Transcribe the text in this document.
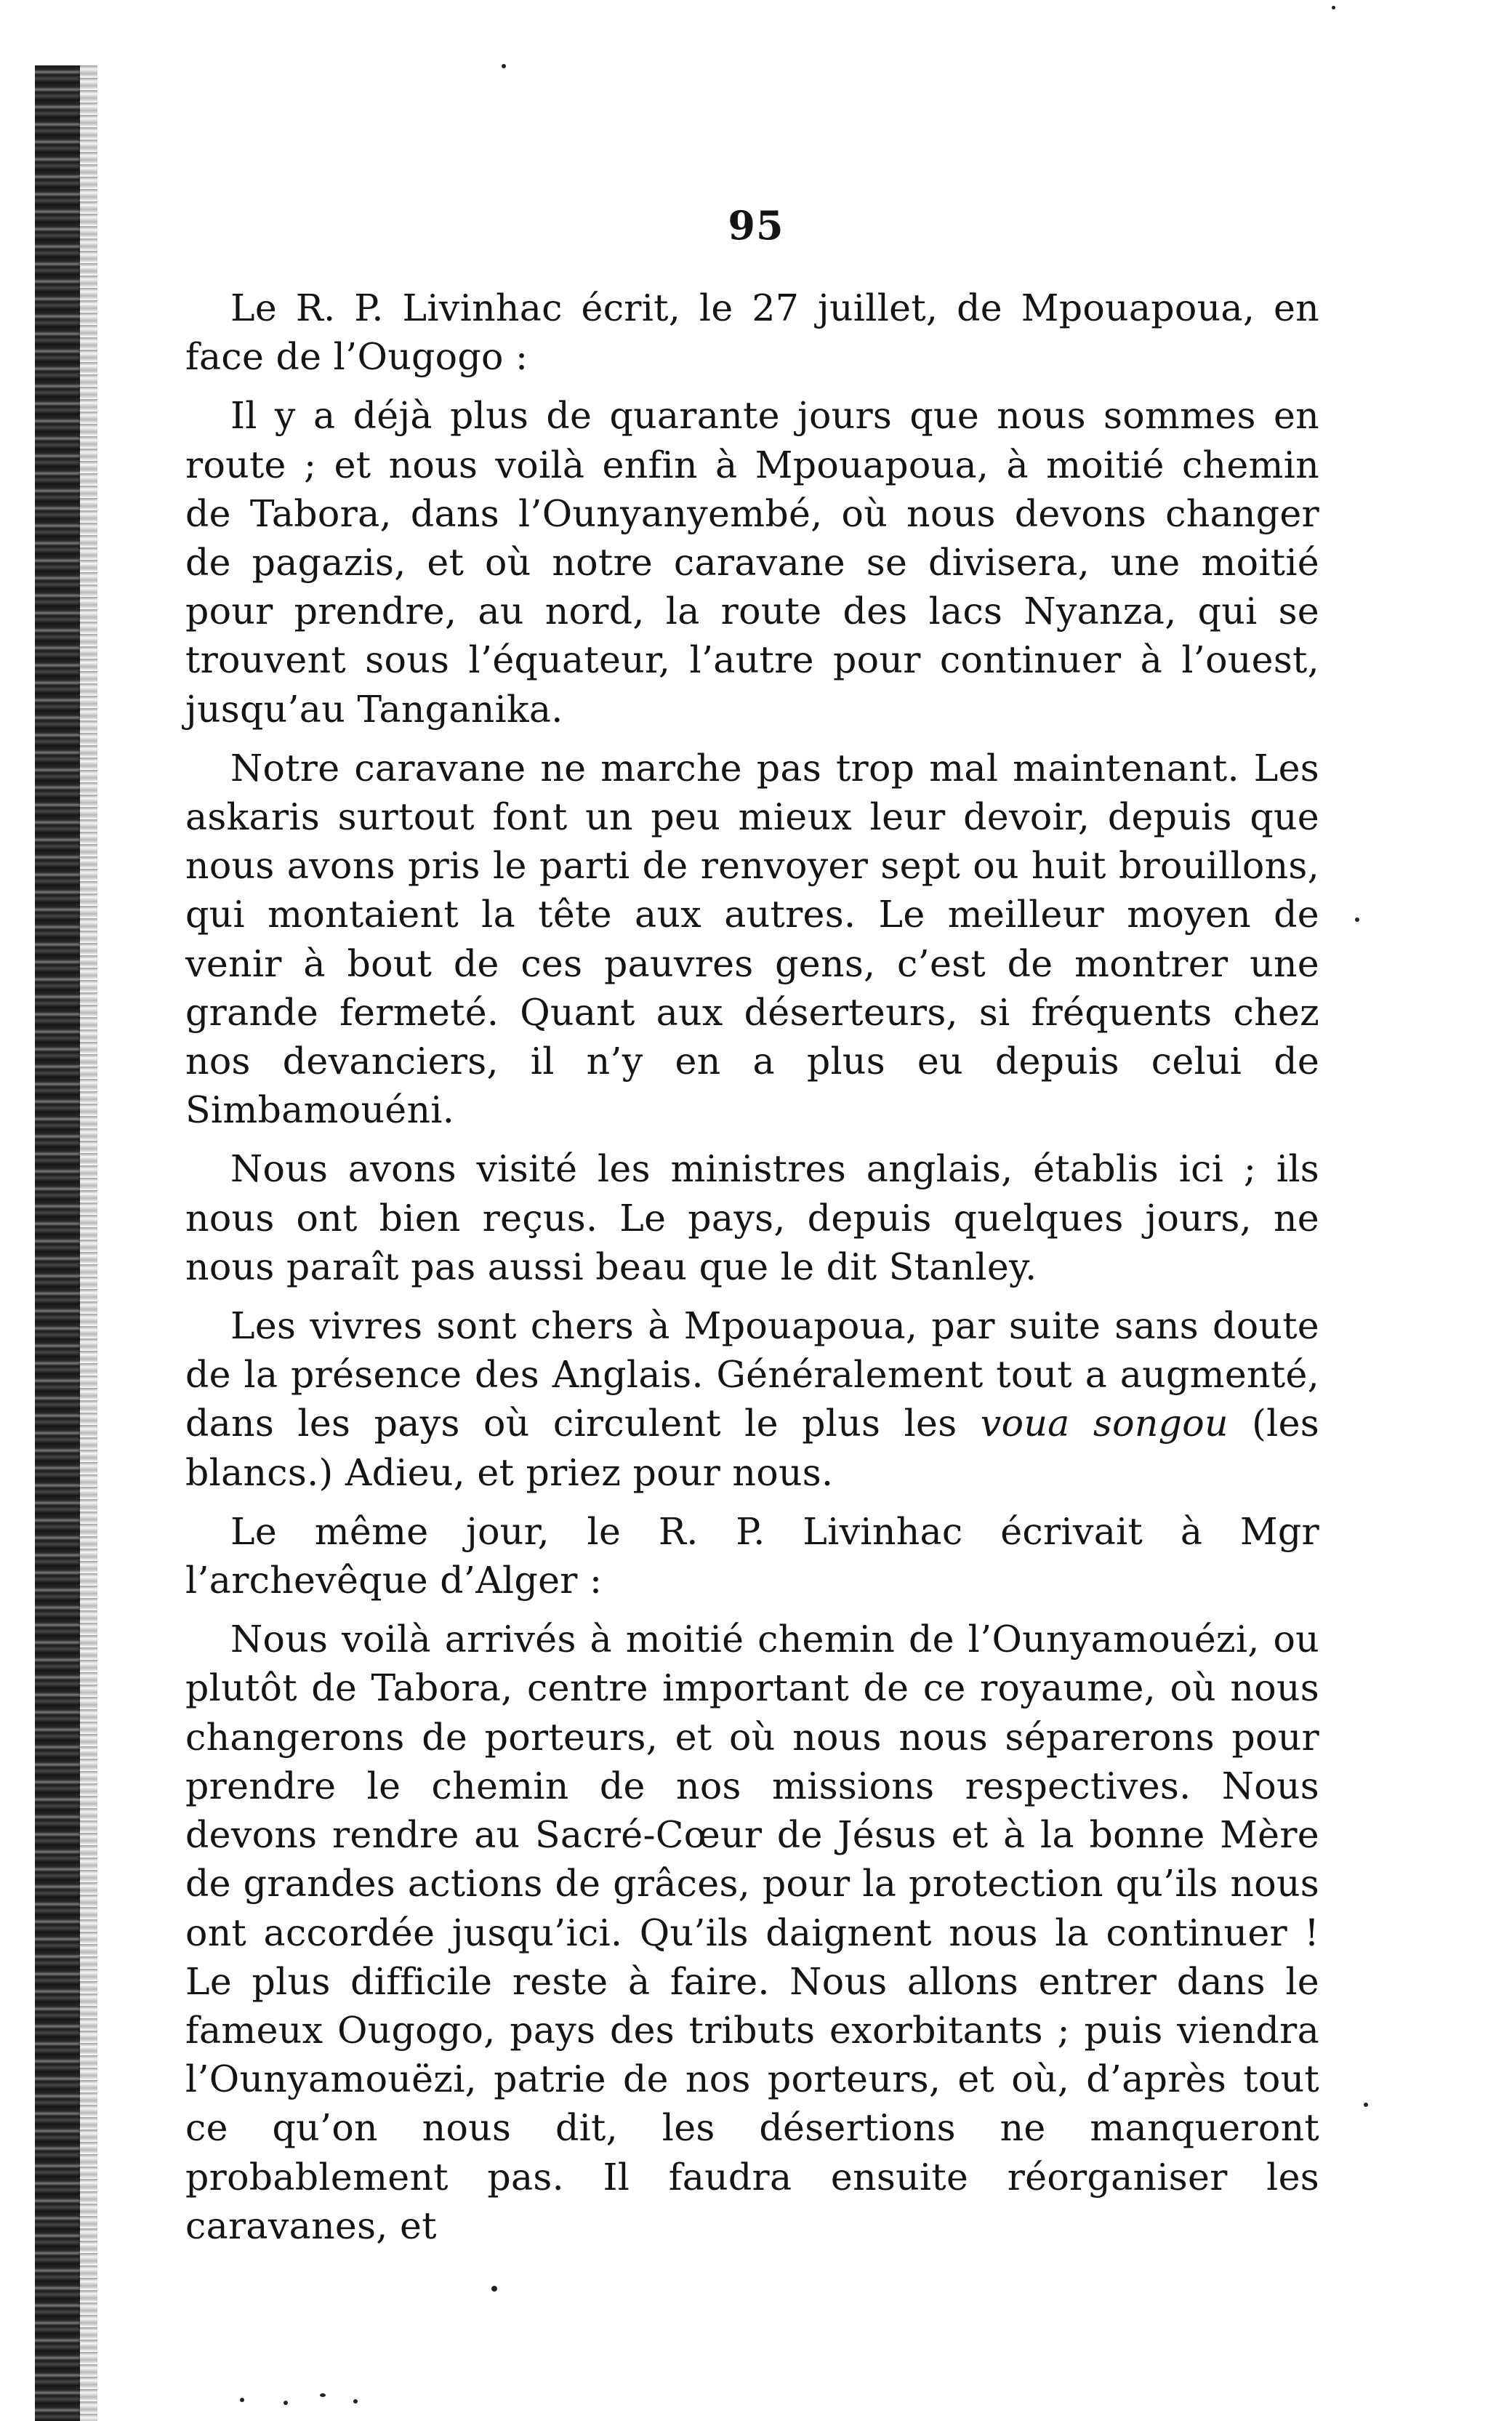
95

Le R. P. Livinhac écrit, le 27 juillet, de Mpouapoua, en face de l’Ougogo :

Il y a déjà plus de quarante jours que nous sommes en route ; et nous voilà enfin à Mpouapoua, à moitié chemin de Tabora, dans l’Ounyanyembé, où nous devons changer de pagazis, et où notre caravane se divisera, une moitié pour prendre, au nord, la route des lacs Nyanza, qui se trouvent sous l’équateur, l’autre pour continuer à l’ouest, jusqu’au Tanganika.

Notre caravane ne marche pas trop mal maintenant. Les askaris surtout font un peu mieux leur devoir, depuis que nous avons pris le parti de renvoyer sept ou huit brouillons, qui montaient la tête aux autres. Le meilleur moyen de venir à bout de ces pauvres gens, c’est de montrer une grande fermeté. Quant aux déserteurs, si fréquents chez nos devanciers, il n’y en a plus eu depuis celui de Simbamouéni.

Nous avons visité les ministres anglais, établis ici ; ils nous ont bien reçus. Le pays, depuis quelques jours, ne nous paraît pas aussi beau que le dit Stanley.

Les vivres sont chers à Mpouapoua, par suite sans doute de la présence des Anglais. Généralement tout a augmenté, dans les pays où circulent le plus les voua songou (les blancs.) Adieu, et priez pour nous.

Le même jour, le R. P. Livinhac écrivait à Mgr l’archevêque d’Alger :

Nous voilà arrivés à moitié chemin de l’Ounyamouézi, ou plutôt de Tabora, centre important de ce royaume, où nous changerons de porteurs, et où nous nous séparerons pour prendre le chemin de nos missions respectives. Nous devons rendre au Sacré-Cœur de Jésus et à la bonne Mère de grandes actions de grâces, pour la protection qu’ils nous ont accordée jusqu’ici. Qu’ils daignent nous la continuer ! Le plus difficile reste à faire. Nous allons entrer dans le fameux Ougogo, pays des tributs exorbitants ; puis viendra l’Ounyamouëzi, patrie de nos porteurs, et où, d’après tout ce qu’on nous dit, les désertions ne manqueront probablement pas. Il faudra ensuite réorganiser les caravanes, et
